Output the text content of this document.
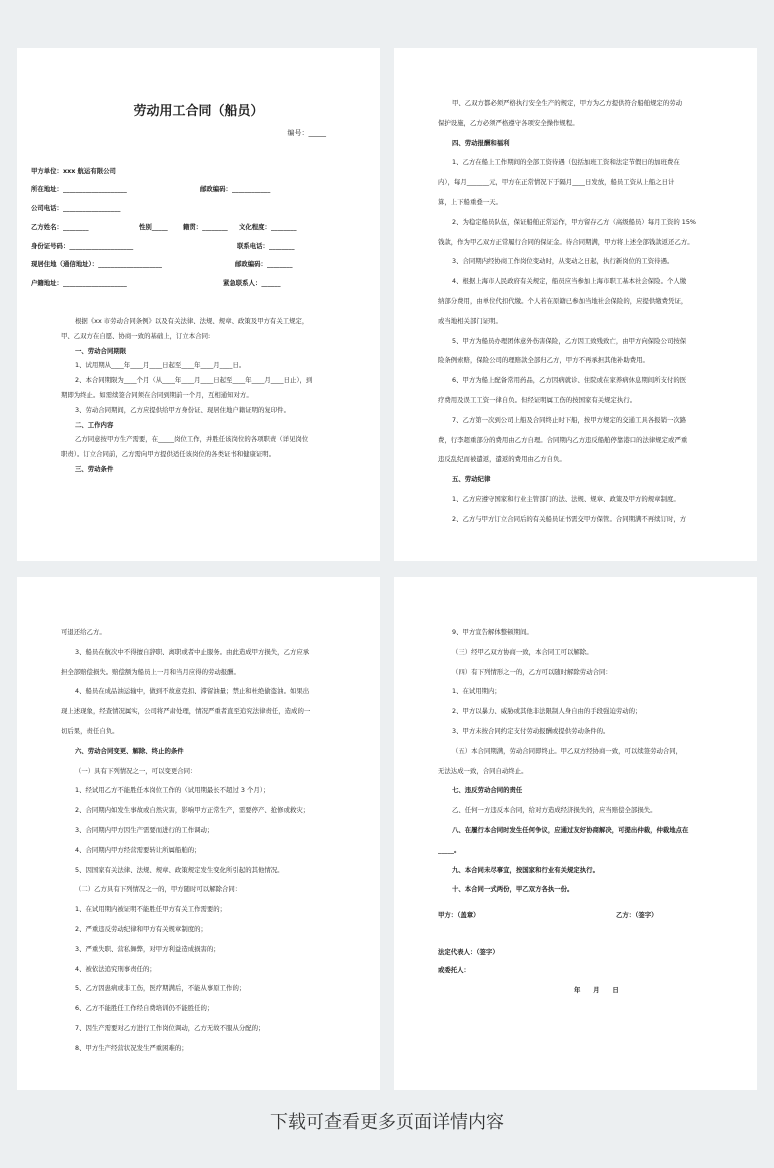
劳动用工合同（船员）
编号：_____
甲方单位：xxx 航运有限公司
所在地址：____________________	邮政编码：____________
公司电话：__________________
乙方姓名：________	性别_____ 籍贯：________ 文化程度：________
身份证号码：____________________	联系电话：________
现居住地（通信地址）：____________________	邮政编码：________
户籍地址：____________________	紧急联系人：______
根据《xx 市劳动合同条例》以及有关法律、法规、规章、政策及甲方有关工规定，
甲、乙双方在自愿、协商一致的基础上，订立本合同:
一、劳动合同期限
1、试用期从____年____月____日起至____年____月____日。
2、本合同期限为____个月（从____年____月____日起至____年____月____日止），到
期即为终止。如需续签合同须在合同到期前一个月，互相通知对方。
3、劳动合同期间，乙方应提供给甲方身份证、现居住地户籍证明的复印件。
二、工作内容
乙方同意按甲方生产需要，在_____岗位工作，并胜任该岗位的各项职责（详见岗位
职责）。订立合同前，乙方需向甲方提供适任该岗位的各类证书和健康证明。
三、劳动条件
甲、乙双方都必须严格执行安全生产的规定，甲方为乙方提供符合船舶规定的劳动
保护设施，乙方必须严格遵守各项安全操作规程。
四、劳动报酬和福利
1、乙方在船上工作期间的全部工资待遇（包括加班工资和法定节假日的加班费在
内），每月_______元，甲方在正常情况下于隔月____日发放，船员工资从上船之日计
算，上下船重叠一天。
2、为稳定船员队伍，保证船舶正常运作，甲方留存乙方（高级船员）每月工资的 15%
钱款，作为甲乙双方正常履行合同的保证金。待合同期满，甲方将上述全部钱款返还乙方。
3、合同期内经协商工作岗位变动时，从变动之日起，执行新岗位的工资待遇。
4、根据上海市人民政府有关规定，船员应当参加上海市职工基本社会保险。个人缴
纳部分费用，由单位代扣代缴。个人若在原籍已参加当地社会保险的，应提供缴费凭证，
或当地相关部门证明。
5、甲方为船员办理团体意外伤害保险，乙方因工致残致亡，由甲方向保险公司按保
险条例索赔，保险公司的理赔款全部归乙方，甲方不再承担其他补助费用。
6、甲方为船上配备常用药品，乙方因病就诊、住院或在家养病休息期间所支付的医
疗费用及误工工资一律自负。但经证明属工伤的按国家有关规定执行。
7、乙方第一次到公司上船及合同终止时下船，按甲方规定的交通工具各报销一次路
费，行李超重部分的费用由乙方自理。合同期内乙方违反船舶停靠港口的法律规定或严重
违反乱纪而被遣返，遣返的费用由乙方自负。
五、劳动纪律
1、乙方应遵守国家和行业主管部门的法、法规、规章、政策及甲方的规章制度。
2、乙方与甲方订立合同后的有关船员证书需交甲方保管。合同期满不再续订时，方
可退还给乙方。
3、船员在航次中不得擅自辞职、离职或者中止服务。由此造成甲方损失，乙方应承
担全部赔偿损失。赔偿额为船员上一月和当月应得的劳动报酬。
4、船员在成品油运输中，做到不故意克扣、滞留油量；禁止和杜绝偷盗油。如果出
现上述现象，经查情况属实，公司将严肃处理，情况严重者直至追究法律责任，造成的一
切后果，责任自负。
六、劳动合同变更、解除、终止的条件
（一）具有下列情况之一，可以变更合同：
1、经试用乙方不能胜任本岗位工作的（试用期最长不超过 3 个月）；
2、合同期内如发生事故或自然灾害，影响甲方正常生产，需要停产、抢修或救灾；
3、合同期内甲方因生产需要而进行的工作调动；
4、合同期内甲方经营需要转让所属船舶的；
5、因国家有关法律、法规、规章、政策规定发生变化所引起的其他情况。
（二）乙方具有下列情况之一的，甲方随时可以解除合同：
1、在试用期内被证明不能胜任甲方有关工作需要的；
2、严重违反劳动纪律和甲方有关规章制度的；
3、严重失职、营私舞弊，对甲方利益造成损害的；
4、被依法追究刑事责任的；
5、乙方因患病或非工伤，医疗期满后，不能从事原工作的；
6、乙方不能胜任工作经自费培训仍不能胜任的；
7、因生产需要对乙方进行工作岗位调动，乙方无故不服从分配的；
8、甲方生产经营状况发生严重困难的；
9、甲方宣告解体整顿期间。
（三）经甲乙双方协商一致，本合同工可以解除。
（四）有下列情形之一的，乙方可以随时解除劳动合同：
1、在试用期内；
2、甲方以暴力、威胁或其他非法限制人身自由的手段强迫劳动的；
3、甲方未按合同约定支付劳动报酬或提供劳动条件的。
（五）本合同期满，劳动合同即终止。甲乙双方经协商一致，可以续签劳动合同，
无法达成一致，合同自动终止。
七、违反劳动合同的责任
乙、任何一方违反本合同，给对方造成经济损失的，应当赔偿全部损失。
八、在履行本合同时发生任何争议，应通过友好协商解决，可提出仲裁，仲裁地点在
_____。
九、本合同未尽事宜，按国家和行业有关规定执行。
十、本合同一式两份，甲乙双方各执一份。
甲方：（盖章）	乙方：（签字）
法定代表人：（签字）
或委托人：
年　　月　　日
下载可查看更多页面详情内容
